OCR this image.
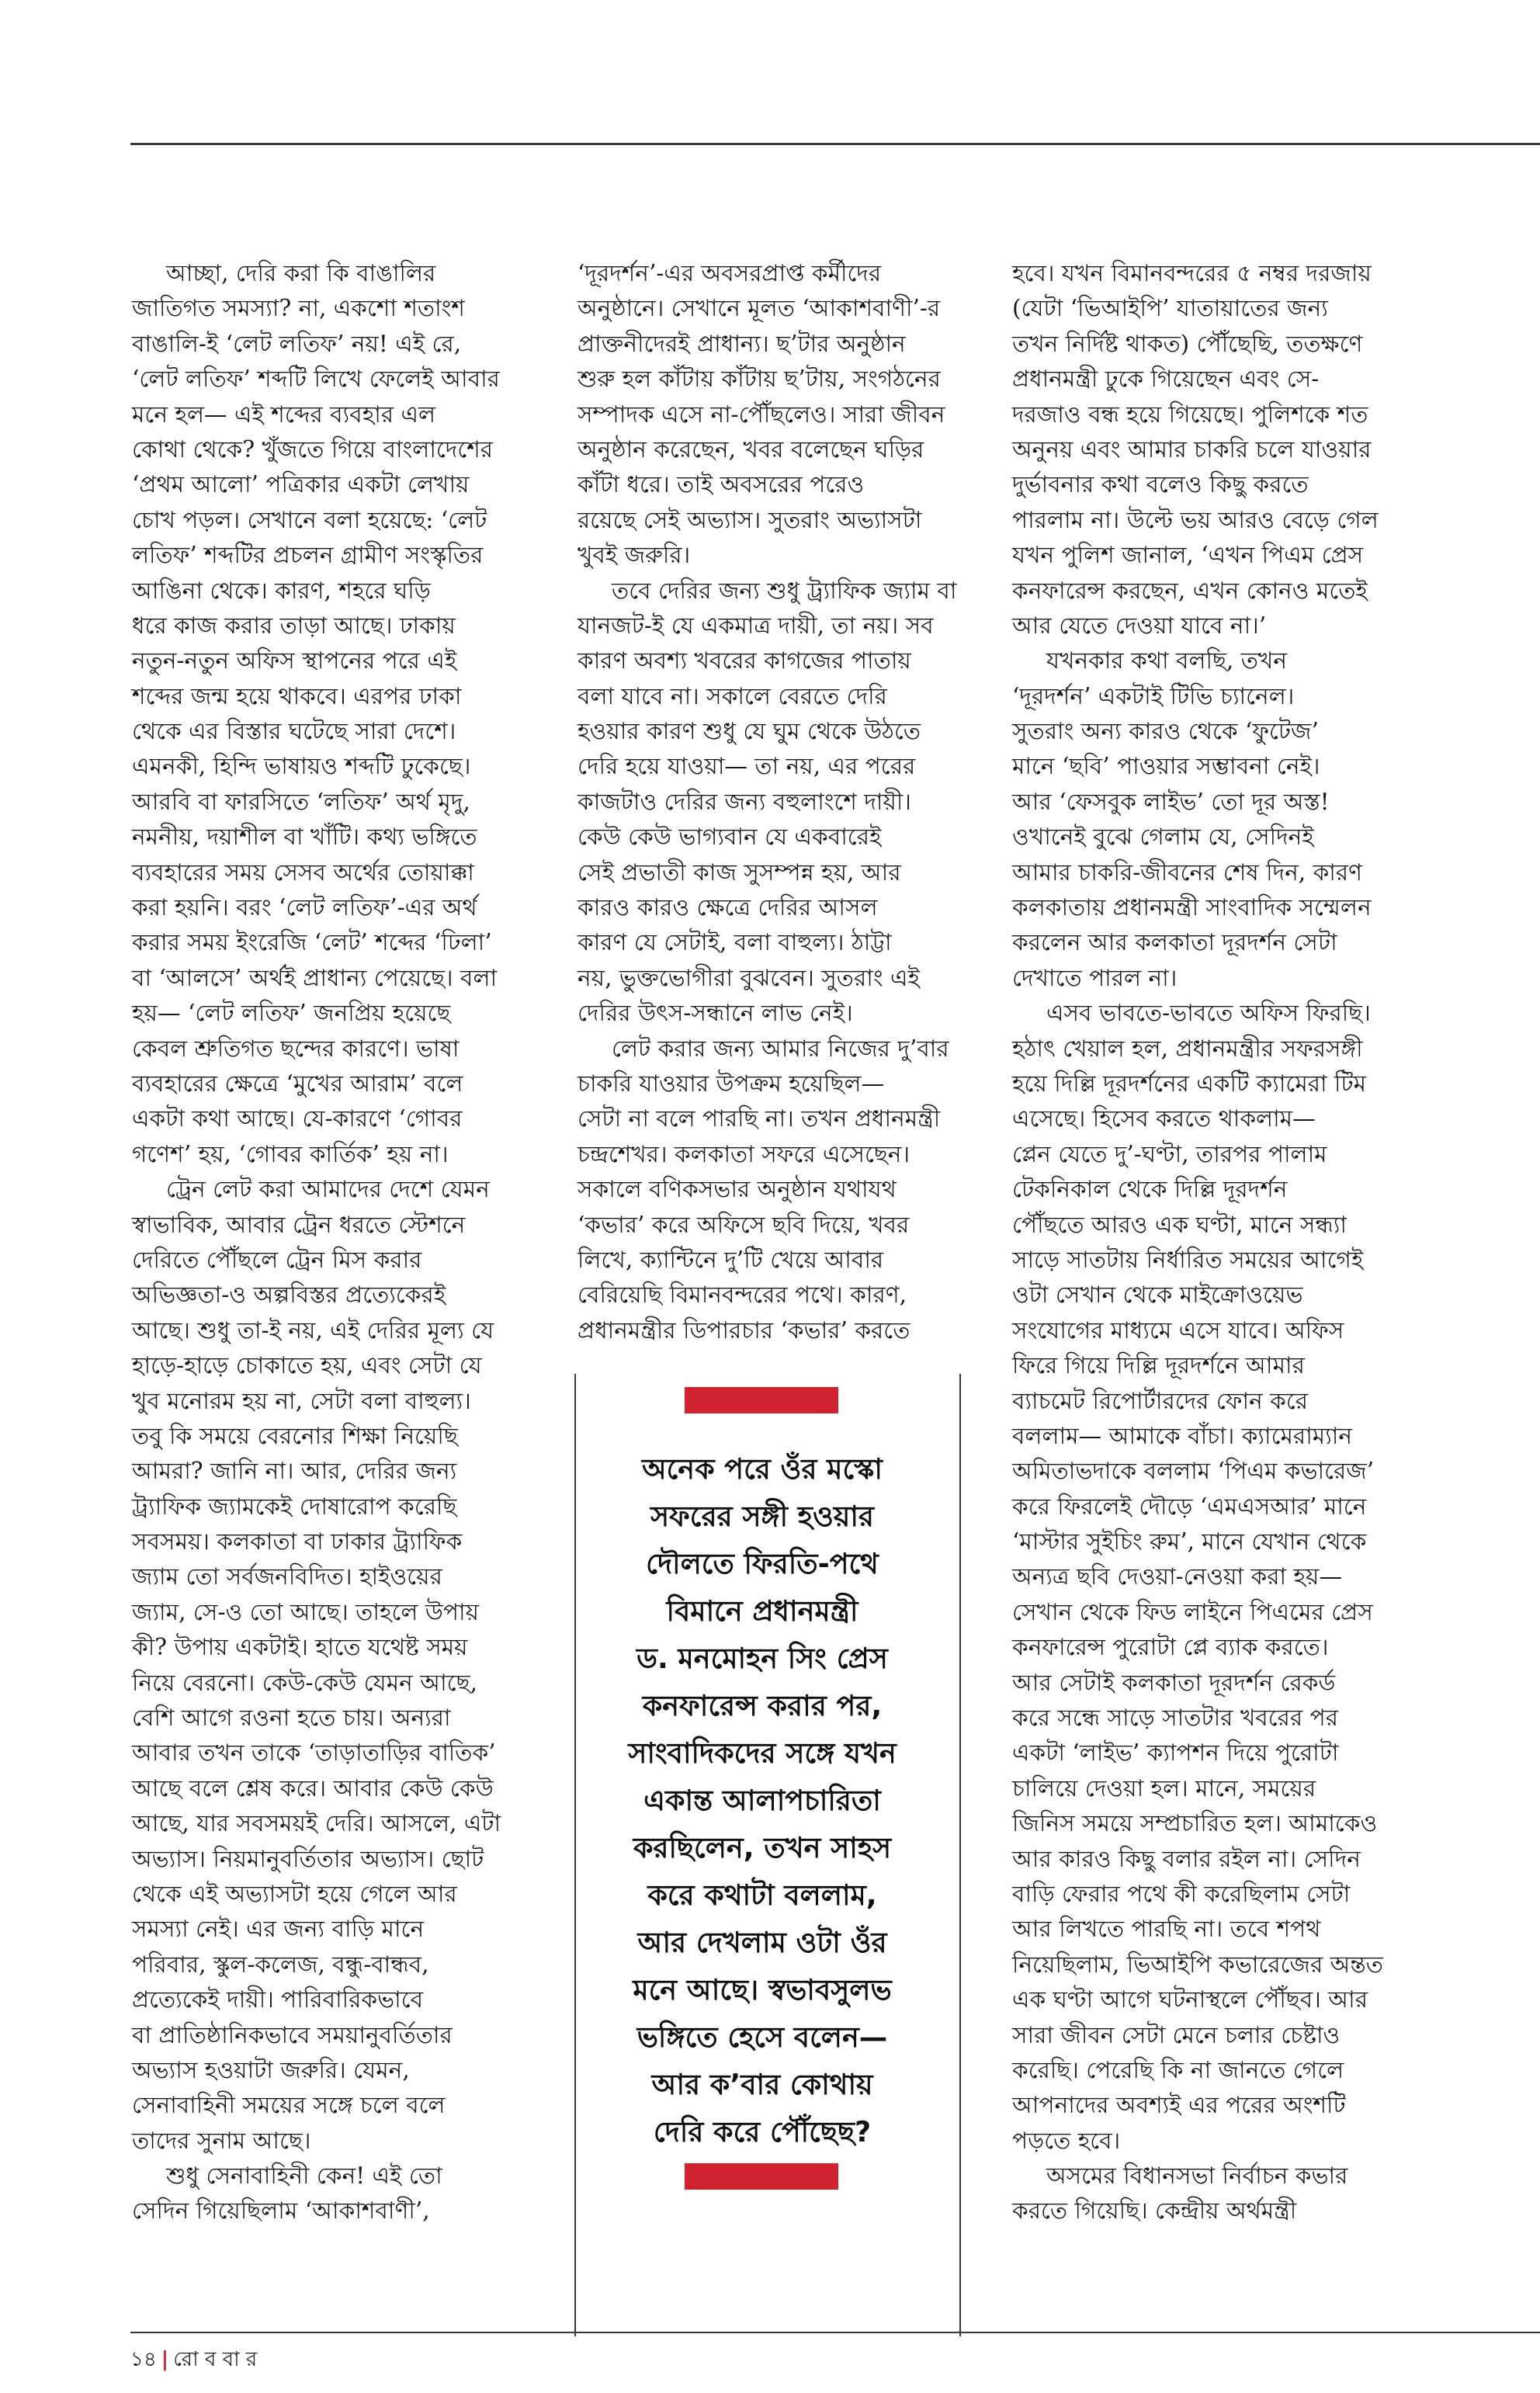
আচ্ছা, দেরি করা কি বাঙালির
জাতিগত সমস্যা? না, একশো শতাংশ
বাঙালি-ই ‘লেট লতিফ’ নয়! এই রে,
‘লেট লতিফ’ শব্দটি লিখে ফেলেই আবার
মনে হল— এই শব্দের ব্যবহার এল
কোথা থেকে? খুঁজতে গিয়ে বাংলাদেশের
‘প্রথম আলো’ পত্রিকার একটা লেখায়
চোখ পড়ল। সেখানে বলা হয়েছে: ‘লেট
লতিফ’ শব্দটির প্রচলন গ্রামীণ সংস্কৃতির
আঙিনা থেকে। কারণ, শহরে ঘড়ি
ধরে কাজ করার তাড়া আছে। ঢাকায়
নতুন-নতুন অফিস স্থাপনের পরে এই
শব্দের জন্ম হয়ে থাকবে। এরপর ঢাকা
থেকে এর বিস্তার ঘটেছে সারা দেশে।
এমনকী, হিন্দি ভাষায়ও শব্দটি ঢুকেছে।
আরবি বা ফারসিতে ‘লতিফ’ অর্থ মৃদু,
নমনীয়, দয়াশীল বা খাঁটি। কথ্য ভঙ্গিতে
ব্যবহারের সময় সেসব অর্থের তোয়াক্কা
করা হয়নি। বরং ‘লেট লতিফ’-এর অর্থ
করার সময় ইংরেজি ‘লেট’ শব্দের ‘ঢিলা’
বা ‘আলসে’ অর্থই প্রাধান্য পেয়েছে। বলা
হয়— ‘লেট লতিফ’ জনপ্রিয় হয়েছে
কেবল শ্রুতিগত ছন্দের কারণে। ভাষা
ব্যবহারের ক্ষেত্রে ‘মুখের আরাম’ বলে
একটা কথা আছে। যে-কারণে ‘গোবর
গণেশ’ হয়, ‘গোবর কার্তিক’ হয় না।
ট্রেন লেট করা আমাদের দেশে যেমন
স্বাভাবিক, আবার ট্রেন ধরতে স্টেশনে
দেরিতে পৌঁছলে ট্রেন মিস করার
অভিজ্ঞতা-ও অল্পবিস্তর প্রত্যেকেরই
আছে। শুধু তা-ই নয়, এই দেরির মূল্য যে
হাড়ে-হাড়ে চোকাতে হয়, এবং সেটা যে
খুব মনোরম হয় না, সেটা বলা বাহুল্য।
তবু কি সময়ে বেরনোর শিক্ষা নিয়েছি
আমরা? জানি না। আর, দেরির জন্য
ট্র্যাফিক জ্যামকেই দোষারোপ করেছি
সবসময়। কলকাতা বা ঢাকার ট্র্যাফিক
জ্যাম তো সর্বজনবিদিত। হাইওয়ের
জ্যাম, সে-ও তো আছে। তাহলে উপায়
কী? উপায় একটাই। হাতে যথেষ্ট সময়
নিয়ে বেরনো। কেউ-কেউ যেমন আছে,
বেশি আগে রওনা হতে চায়। অন্যরা
আবার তখন তাকে ‘তাড়াতাড়ির বাতিক’
আছে বলে শ্লেষ করে। আবার কেউ কেউ
আছে, যার সবসময়ই দেরি। আসলে, এটা
অভ্যাস। নিয়মানুবর্তিতার অভ্যাস। ছোট
থেকে এই অভ্যাসটা হয়ে গেলে আর
সমস্যা নেই। এর জন্য বাড়ি মানে
পরিবার, স্কুল-কলেজ, বন্ধু-বান্ধব,
প্রত্যেকেই দায়ী। পারিবারিকভাবে
বা প্রাতিষ্ঠানিকভাবে সময়ানুবর্তিতার
অভ্যাস হওয়াটা জরুরি। যেমন,
সেনাবাহিনী সময়ের সঙ্গে চলে বলে
তাদের সুনাম আছে।
শুধু সেনাবাহিনী কেন! এই তো
সেদিন গিয়েছিলাম ‘আকাশবাণী’,
‘দূরদর্শন’-এর অবসরপ্রাপ্ত কর্মীদের
অনুষ্ঠানে। সেখানে মূলত ‘আকাশবাণী’-র
প্রাক্তনীদেরই প্রাধান্য। ছ’টার অনুষ্ঠান
শুরু হল কাঁটায় কাঁটায় ছ’টায়, সংগঠনের
সম্পাদক এসে না-পৌঁছলেও। সারা জীবন
অনুষ্ঠান করেছেন, খবর বলেছেন ঘড়ির
কাঁটা ধরে। তাই অবসরের পরেও
রয়েছে সেই অভ্যাস। সুতরাং অভ্যাসটা
খুবই জরুরি।
তবে দেরির জন্য শুধু ট্র্যাফিক জ্যাম বা
যানজট-ই যে একমাত্র দায়ী, তা নয়। সব
কারণ অবশ্য খবরের কাগজের পাতায়
বলা যাবে না। সকালে বেরতে দেরি
হওয়ার কারণ শুধু যে ঘুম থেকে উঠতে
দেরি হয়ে যাওয়া— তা নয়, এর পরের
কাজটাও দেরির জন্য বহুলাংশে দায়ী।
কেউ কেউ ভাগ্যবান যে একবারেই
সেই প্রভাতী কাজ সুসম্পন্ন হয়, আর
কারও কারও ক্ষেত্রে দেরির আসল
কারণ যে সেটাই, বলা বাহুল্য। ঠাট্টা
নয়, ভুক্তভোগীরা বুঝবেন। সুতরাং এই
দেরির উৎস-সন্ধানে লাভ নেই।
লেট করার জন্য আমার নিজের দু’বার
চাকরি যাওয়ার উপক্রম হয়েছিল—
সেটা না বলে পারছি না। তখন প্রধানমন্ত্রী
চন্দ্রশেখর। কলকাতা সফরে এসেছেন।
সকালে বণিকসভার অনুষ্ঠান যথাযথ
‘কভার’ করে অফিসে ছবি দিয়ে, খবর
লিখে, ক্যান্টিনে দু’টি খেয়ে আবার
বেরিয়েছি বিমানবন্দরের পথে। কারণ,
প্রধানমন্ত্রীর ডিপারচার ‘কভার’ করতে
হবে। যখন বিমানবন্দরের ৫ নম্বর দরজায়
(যেটা ‘ভিআইপি’ যাতায়াতের জন্য
তখন নির্দিষ্ট থাকত) পৌঁছেছি, ততক্ষণে
প্রধানমন্ত্রী ঢুকে গিয়েছেন এবং সে-
দরজাও বন্ধ হয়ে গিয়েছে। পুলিশকে শত
অনুনয় এবং আমার চাকরি চলে যাওয়ার
দুর্ভাবনার কথা বলেও কিছু করতে
পারলাম না। উল্টে ভয় আরও বেড়ে গেল
যখন পুলিশ জানাল, ‘এখন পিএম প্রেস
কনফারেন্স করছেন, এখন কোনও মতেই
আর যেতে দেওয়া যাবে না।’
যখনকার কথা বলছি, তখন
‘দূরদর্শন’ একটাই টিভি চ্যানেল।
সুতরাং অন্য কারও থেকে ‘ফুটেজ’
মানে ‘ছবি’ পাওয়ার সম্ভাবনা নেই।
আর ‘ফেসবুক লাইভ’ তো দূর অস্ত!
ওখানেই বুঝে গেলাম যে, সেদিনই
আমার চাকরি-জীবনের শেষ দিন, কারণ
কলকাতায় প্রধানমন্ত্রী সাংবাদিক সম্মেলন
করলেন আর কলকাতা দূরদর্শন সেটা
দেখাতে পারল না।
এসব ভাবতে-ভাবতে অফিস ফিরছি।
হঠাৎ খেয়াল হল, প্রধানমন্ত্রীর সফরসঙ্গী
হয়ে দিল্লি দূরদর্শনের একটি ক্যামেরা টিম
এসেছে। হিসেব করতে থাকলাম—
প্লেন যেতে দু’-ঘণ্টা, তারপর পালাম
টেকনিকাল থেকে দিল্লি দূরদর্শন
পৌঁছতে আরও এক ঘণ্টা, মানে সন্ধ্যা
সাড়ে সাতটায় নির্ধারিত সময়ের আগেই
ওটা সেখান থেকে মাইক্রোওয়েভ
সংযোগের মাধ্যমে এসে যাবে। অফিস
ফিরে গিয়ে দিল্লি দূরদর্শনে আমার
ব্যাচমেট রিপোর্টারদের ফোন করে
বললাম— আমাকে বাঁচা। ক্যামেরাম্যান
অমিতাভদাকে বললাম ‘পিএম কভারেজ’
করে ফিরলেই দৌড়ে ‘এমএসআর’ মানে
‘মাস্টার সুইচিং রুম’, মানে যেখান থেকে
অন্যত্র ছবি দেওয়া-নেওয়া করা হয়—
সেখান থেকে ফিড লাইনে পিএমের প্রেস
কনফারেন্স পুরোটা প্লে ব্যাক করতে।
আর সেটাই কলকাতা দূরদর্শন রেকর্ড
করে সন্ধে সাড়ে সাতটার খবরের পর
একটা ‘লাইভ’ ক্যাপশন দিয়ে পুরোটা
চালিয়ে দেওয়া হল। মানে, সময়ের
জিনিস সময়ে সম্প্রচারিত হল। আমাকেও
আর কারও কিছু বলার রইল না। সেদিন
বাড়ি ফেরার পথে কী করেছিলাম সেটা
আর লিখতে পারছি না। তবে শপথ
নিয়েছিলাম, ভিআইপি কভারেজের অন্তত
এক ঘণ্টা আগে ঘটনাস্থলে পৌঁছব। আর
সারা জীবন সেটা মেনে চলার চেষ্টাও
করেছি। পেরেছি কি না জানতে গেলে
আপনাদের অবশ্যই এর পরের অংশটি
পড়তে হবে।
অসমের বিধানসভা নির্বাচন কভার
করতে গিয়েছি। কেন্দ্রীয় অর্থমন্ত্রী
অনেক পরে ওঁর মস্কো
সফরের সঙ্গী হওয়ার
দৌলতে ফিরতি-পথে
বিমানে প্রধানমন্ত্রী
ড. মনমোহন সিং প্রেস
কনফারেন্স করার পর,
সাংবাদিকদের সঙ্গে যখন
একান্ত আলাপচারিতা
করছিলেন, তখন সাহস
করে কথাটা বললাম,
আর দেখলাম ওটা ওঁর
মনে আছে। স্বভাবসুলভ
ভঙ্গিতে হেসে বলেন—
আর ক’বার কোথায়
দেরি করে পৌঁছেছ?
১৪ | রো ব বা র
